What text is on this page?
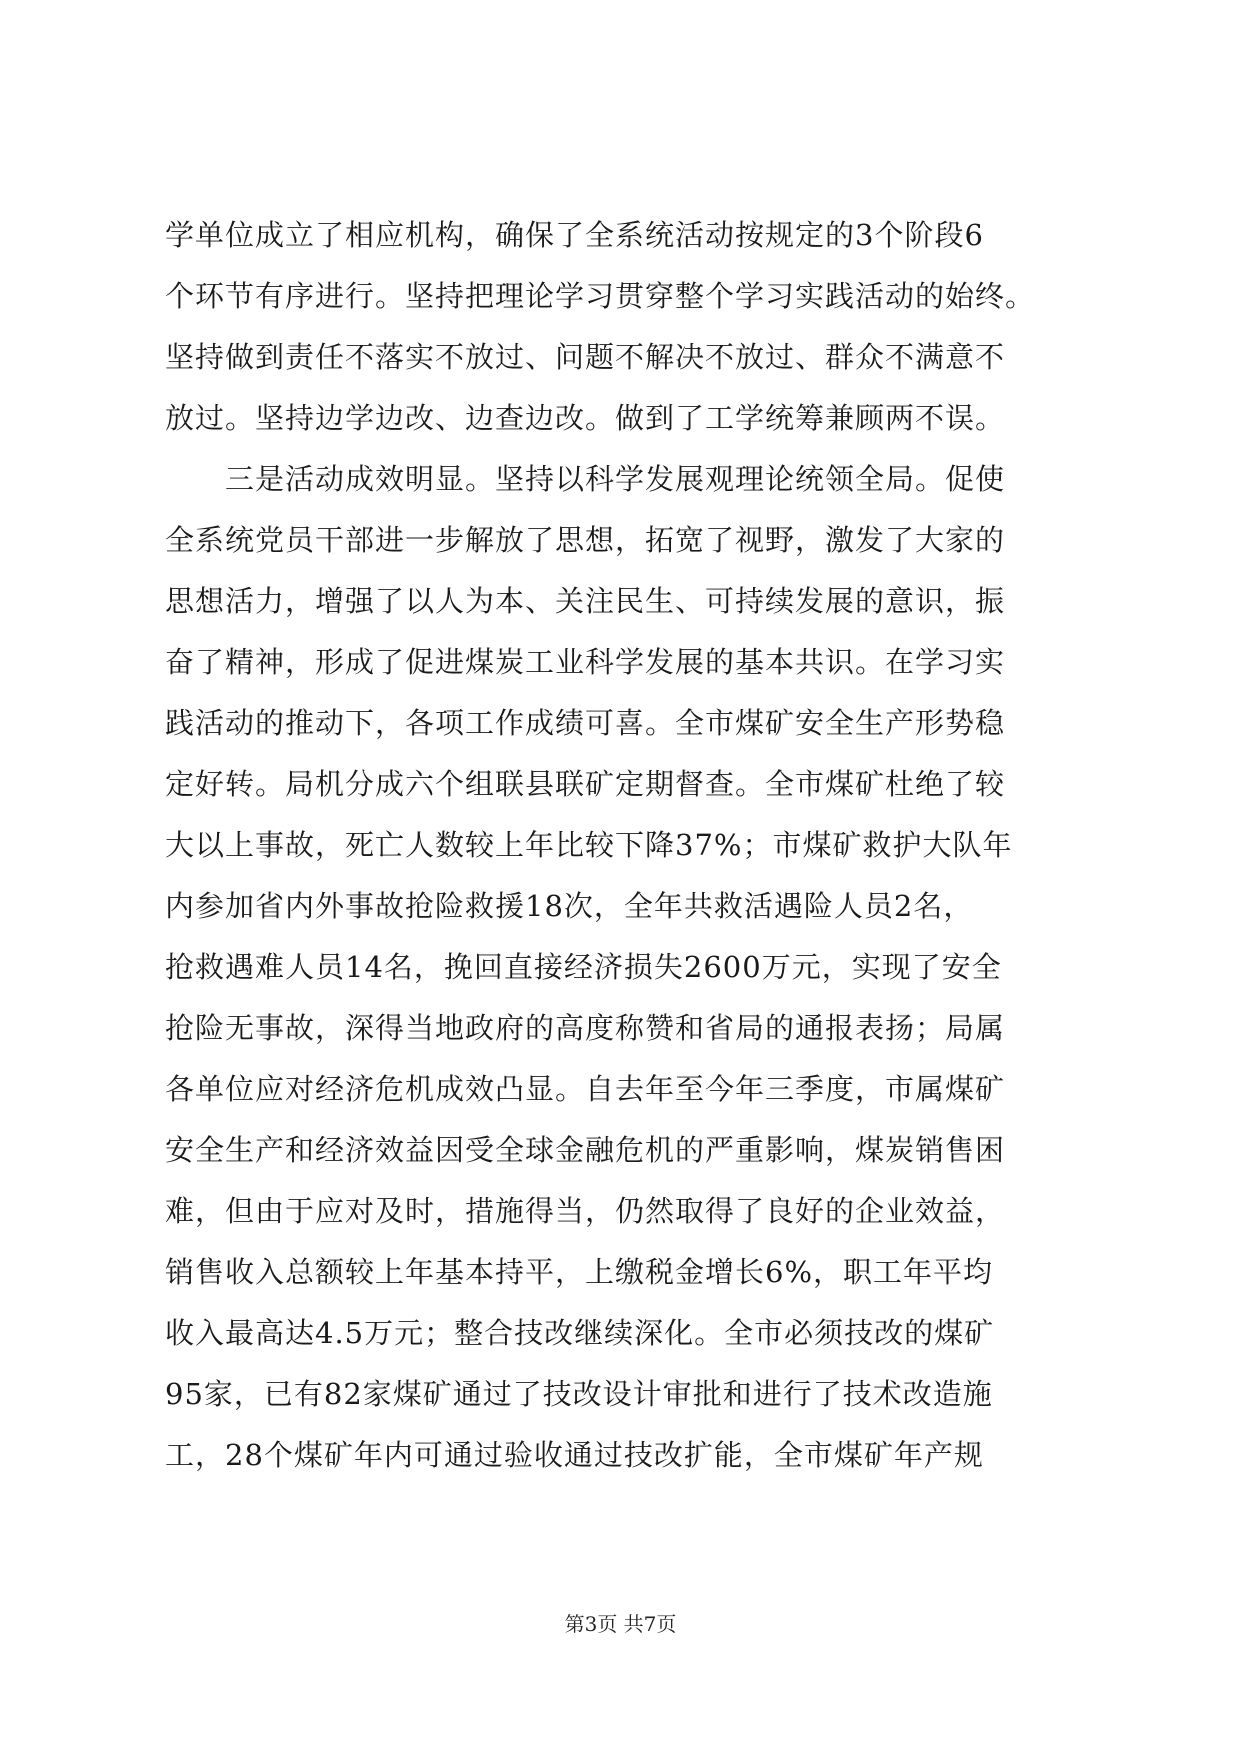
学单位成立了相应机构，确保了全系统活动按规定的3个阶段6
个环节有序进行。坚持把理论学习贯穿整个学习实践活动的始终。
坚持做到责任不落实不放过、问题不解决不放过、群众不满意不
放过。坚持边学边改、边查边改。做到了工学统筹兼顾两不误。
三是活动成效明显。坚持以科学发展观理论统领全局。促使
全系统党员干部进一步解放了思想，拓宽了视野，激发了大家的
思想活力，增强了以人为本、关注民生、可持续发展的意识，振
奋了精神，形成了促进煤炭工业科学发展的基本共识。在学习实
践活动的推动下，各项工作成绩可喜。全市煤矿安全生产形势稳
定好转。局机分成六个组联县联矿定期督查。全市煤矿杜绝了较
大以上事故，死亡人数较上年比较下降37%；市煤矿救护大队年
内参加省内外事故抢险救援18次，全年共救活遇险人员2名，
抢救遇难人员14名，挽回直接经济损失2600万元，实现了安全
抢险无事故，深得当地政府的高度称赞和省局的通报表扬；局属
各单位应对经济危机成效凸显。自去年至今年三季度，市属煤矿
安全生产和经济效益因受全球金融危机的严重影响，煤炭销售困
难，但由于应对及时，措施得当，仍然取得了良好的企业效益，
销售收入总额较上年基本持平，上缴税金增长6%，职工年平均
收入最高达4.5万元；整合技改继续深化。全市必须技改的煤矿
95家，已有82家煤矿通过了技改设计审批和进行了技术改造施
工，28个煤矿年内可通过验收通过技改扩能，全市煤矿年产规
第3页 共7页
